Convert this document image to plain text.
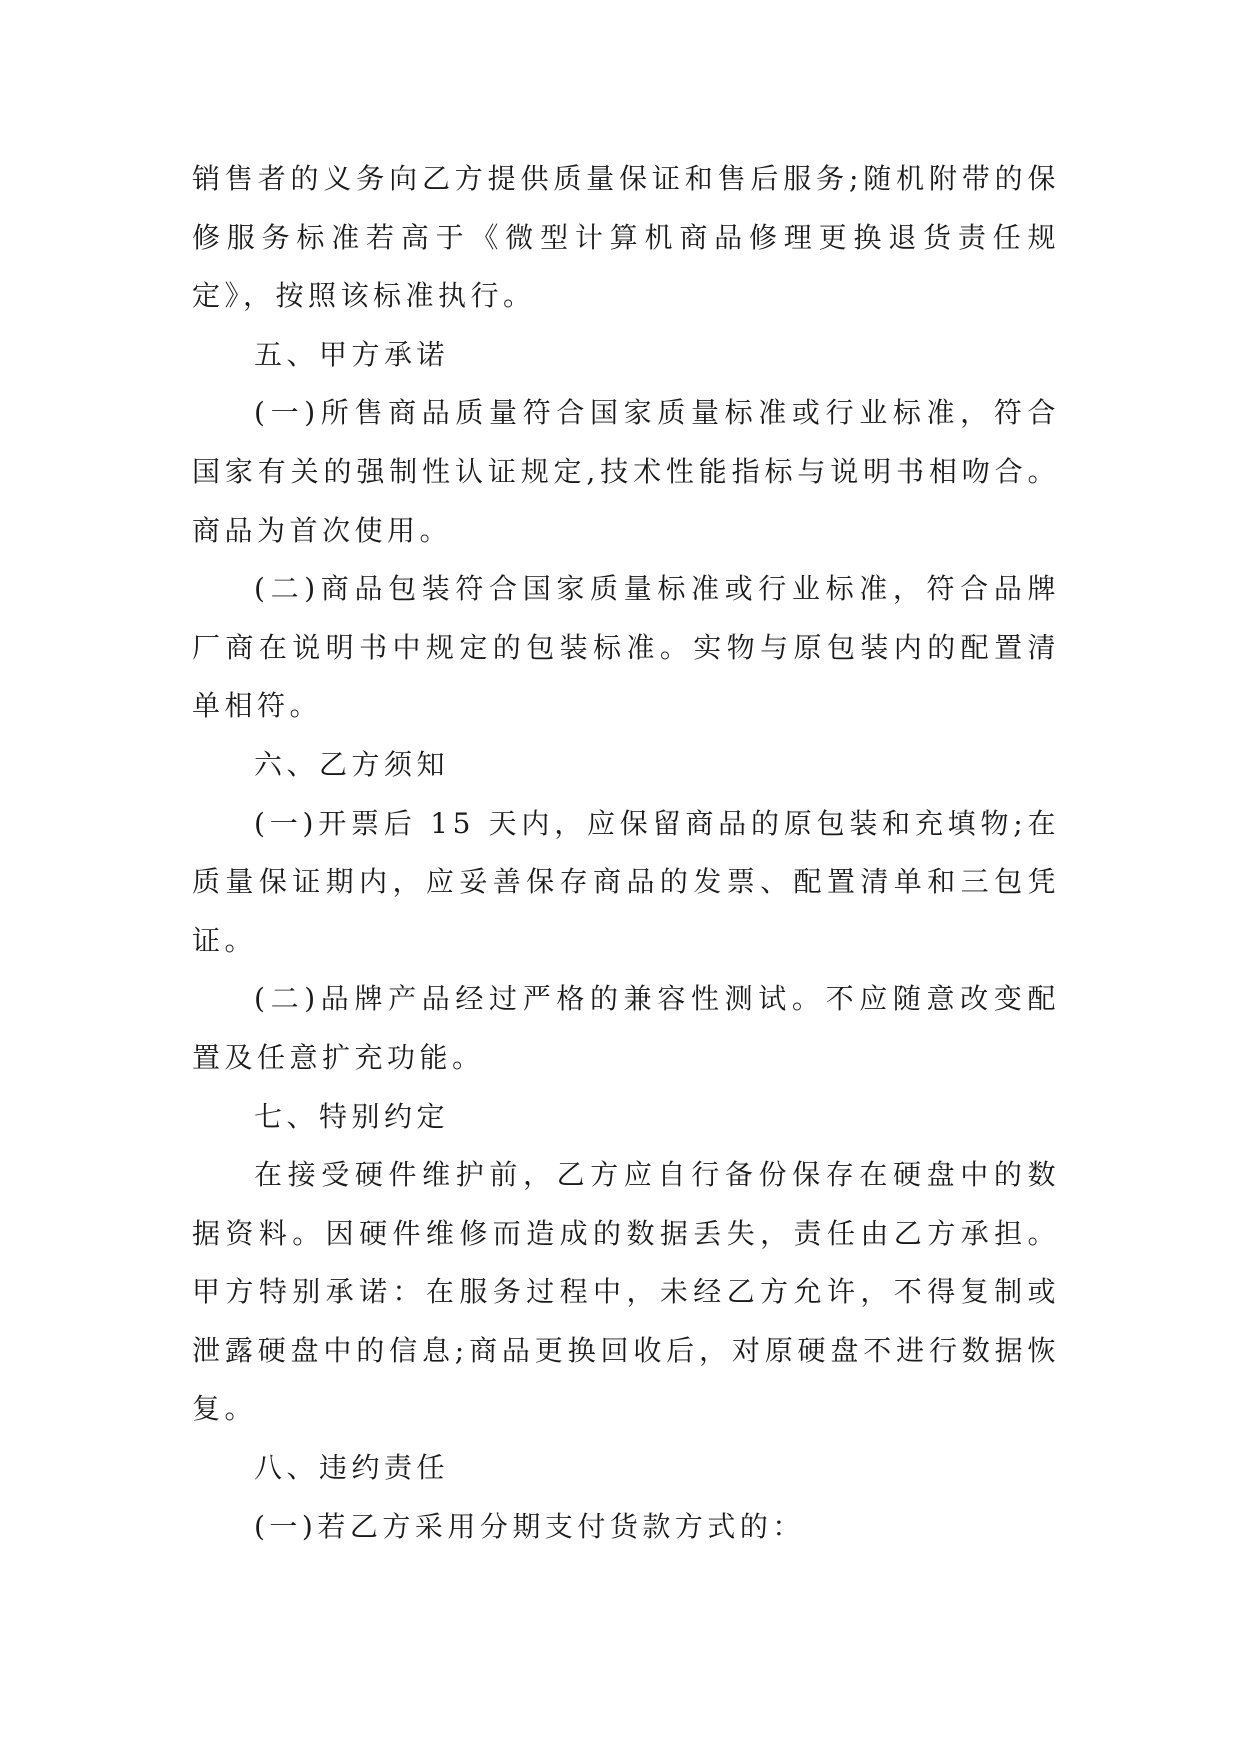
销售者的义务向乙方提供质量保证和售后服务;随机附带的保修服务标准若高于《微型计算机商品修理更换退货责任规定》，按照该标准执行。

五、甲方承诺

(一)所售商品质量符合国家质量标准或行业标准，符合国家有关的强制性认证规定,技术性能指标与说明书相吻合。商品为首次使用。

(二)商品包装符合国家质量标准或行业标准，符合品牌厂商在说明书中规定的包装标准。实物与原包装内的配置清单相符。

六、乙方须知

(一)开票后 15 天内，应保留商品的原包装和充填物;在质量保证期内，应妥善保存商品的发票、配置清单和三包凭证。

(二)品牌产品经过严格的兼容性测试。不应随意改变配置及任意扩充功能。

七、特别约定

在接受硬件维护前，乙方应自行备份保存在硬盘中的数据资料。因硬件维修而造成的数据丢失，责任由乙方承担。甲方特别承诺：在服务过程中，未经乙方允许，不得复制或泄露硬盘中的信息;商品更换回收后，对原硬盘不进行数据恢复。

八、违约责任

(一)若乙方采用分期支付货款方式的：
